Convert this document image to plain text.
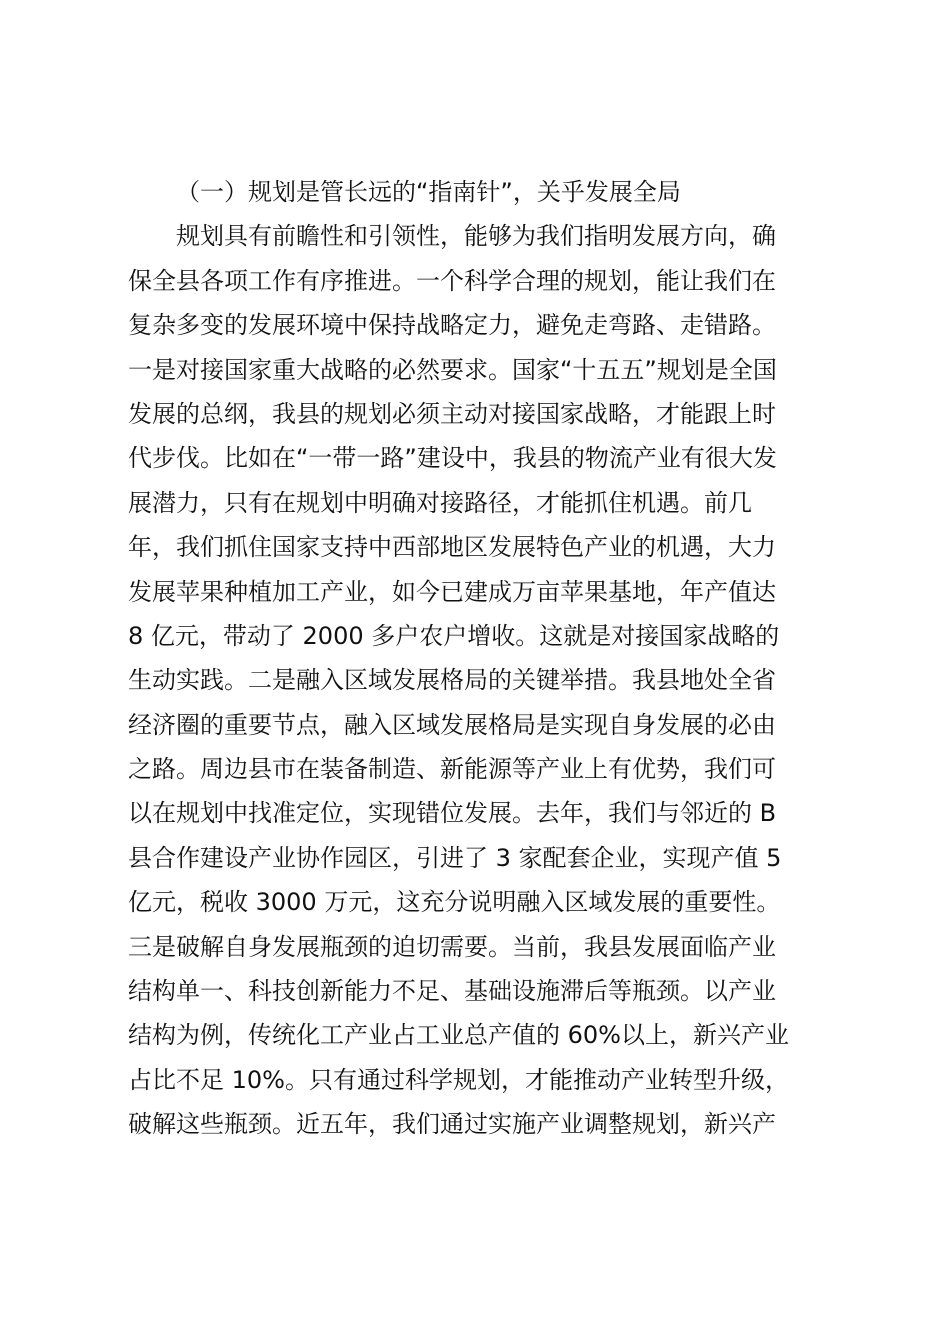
（一）规划是管长远的“指南针”，关乎发展全局
规划具有前瞻性和引领性，能够为我们指明发展方向，确
保全县各项工作有序推进。一个科学合理的规划，能让我们在
复杂多变的发展环境中保持战略定力，避免走弯路、走错路。
一是对接国家重大战略的必然要求。国家“十五五”规划是全国
发展的总纲，我县的规划必须主动对接国家战略，才能跟上时
代步伐。比如在“一带一路”建设中，我县的物流产业有很大发
展潜力，只有在规划中明确对接路径，才能抓住机遇。前几
年，我们抓住国家支持中西部地区发展特色产业的机遇，大力
发展苹果种植加工产业，如今已建成万亩苹果基地，年产值达
8 亿元，带动了 2000 多户农户增收。这就是对接国家战略的
生动实践。二是融入区域发展格局的关键举措。我县地处全省
经济圈的重要节点，融入区域发展格局是实现自身发展的必由
之路。周边县市在装备制造、新能源等产业上有优势，我们可
以在规划中找准定位，实现错位发展。去年，我们与邻近的 B
县合作建设产业协作园区，引进了 3 家配套企业，实现产值 5
亿元，税收 3000 万元，这充分说明融入区域发展的重要性。
三是破解自身发展瓶颈的迫切需要。当前，我县发展面临产业
结构单一、科技创新能力不足、基础设施滞后等瓶颈。以产业
结构为例，传统化工产业占工业总产值的 60%以上，新兴产业
占比不足 10%。只有通过科学规划，才能推动产业转型升级，
破解这些瓶颈。近五年，我们通过实施产业调整规划，新兴产
